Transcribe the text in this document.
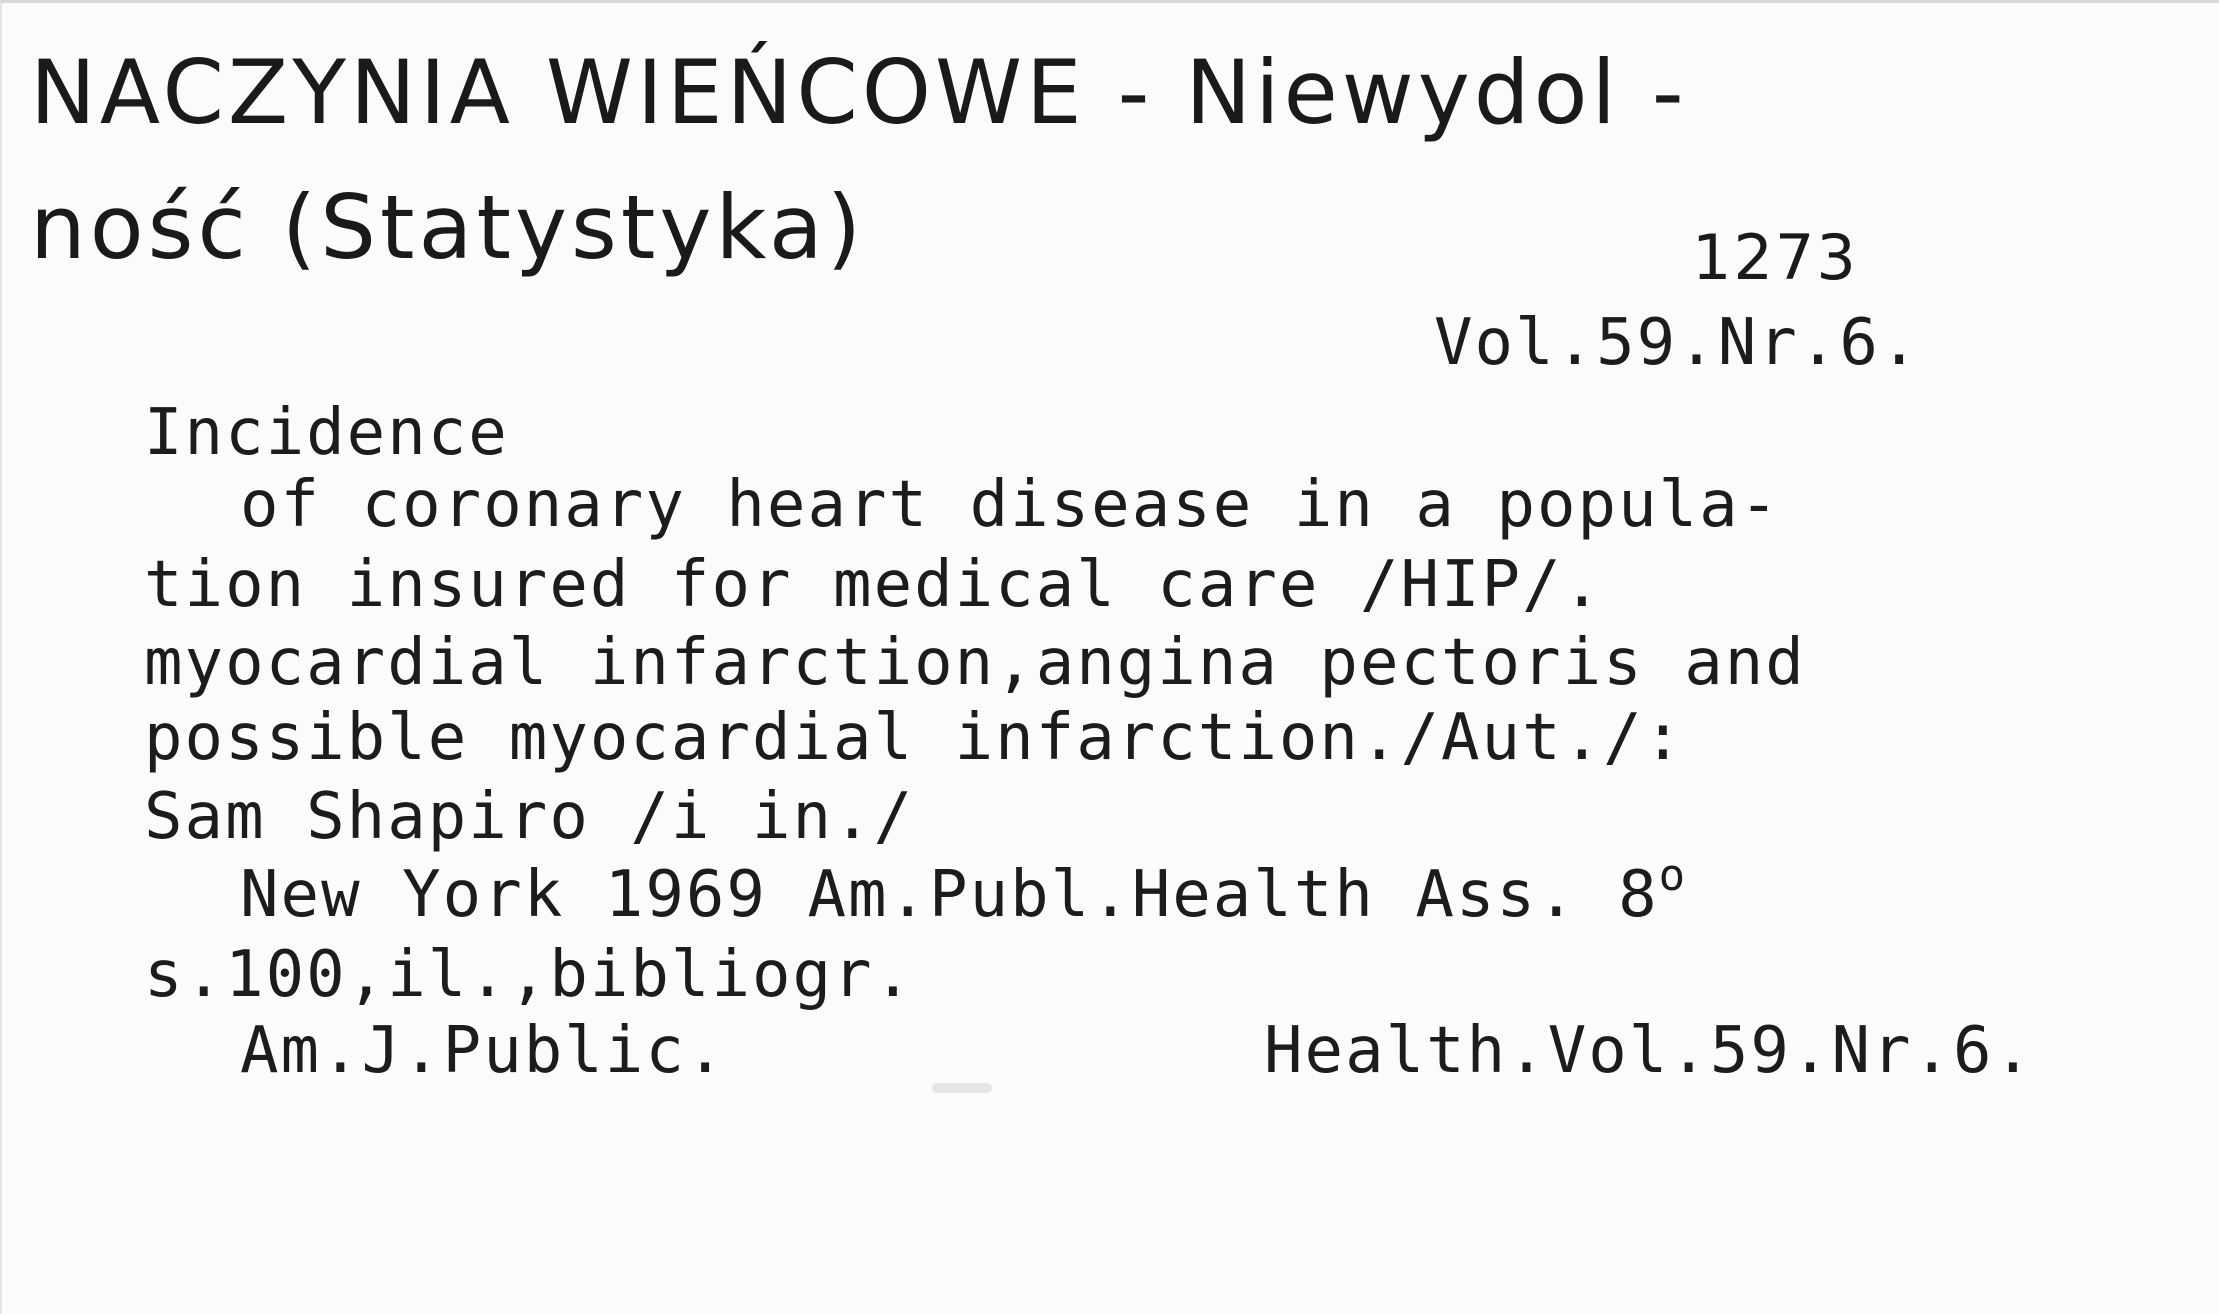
NACZYNIA WIEŃCOWE - Niewydol -
ność (Statystyka)	1273
Vol.59.Nr.6.
Incidence
of coronary heart disease in a popula-
tion insured for medical care /HIP/.
myocardial infarction,angina pectoris and
possible myocardial infarction./Aut./:
Sam Shapiro /i in./
New York 1969 Am.Publ.Health Ass. 8$^o$
s.100,il.,bibliogr.
Am.J.Public.	Health.Vol.59.Nr.6.
